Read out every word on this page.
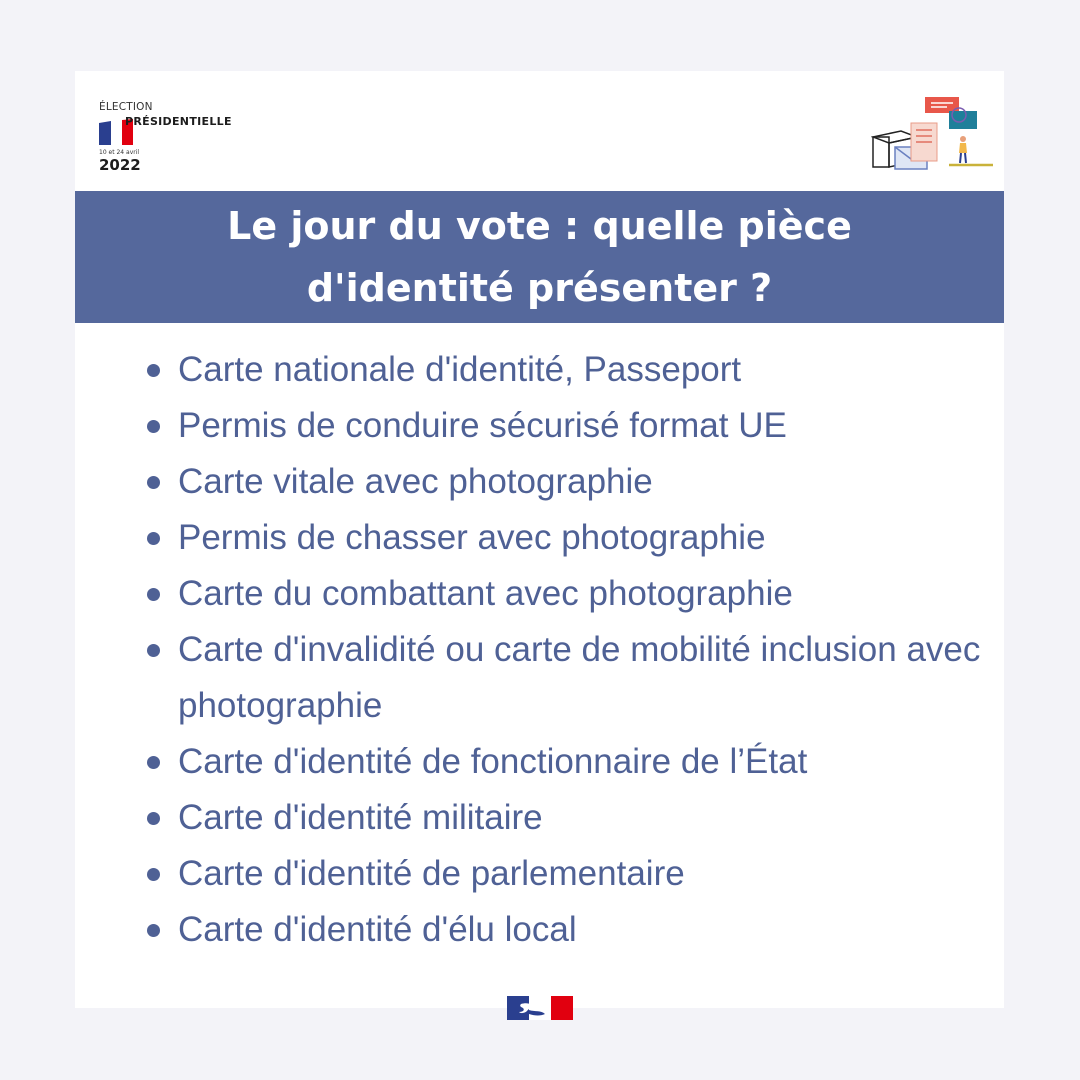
ÉLECTION
PRÉSIDENTIELLE
10 et 24 avril
2022
Le jour du vote : quelle pièce d'identité présenter ?
Carte nationale d'identité, Passeport
Permis de conduire sécurisé format UE
Carte vitale avec photographie
Permis de chasser avec photographie
Carte du combattant avec photographie
Carte d'invalidité ou carte de mobilité inclusion avec photographie
Carte d'identité de fonctionnaire de l’État
Carte d'identité militaire
Carte d'identité de parlementaire
Carte d'identité d'élu local
